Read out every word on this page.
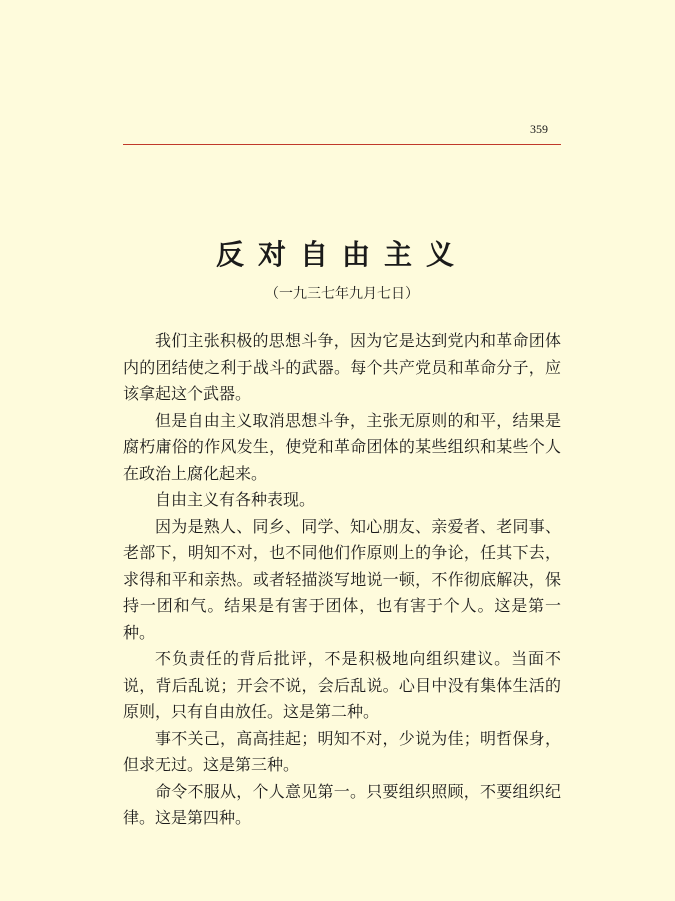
359
反对自由主义
（一九三七年九月七日）

我们主张积极的思想斗争，因为它是达到党内和革命团体内的团结使之利于战斗的武器。每个共产党员和革命分子，应该拿起这个武器。

但是自由主义取消思想斗争，主张无原则的和平，结果是腐朽庸俗的作风发生，使党和革命团体的某些组织和某些个人在政治上腐化起来。

自由主义有各种表现。

因为是熟人、同乡、同学、知心朋友、亲爱者、老同事、老部下，明知不对，也不同他们作原则上的争论，任其下去，求得和平和亲热。或者轻描淡写地说一顿，不作彻底解决，保持一团和气。结果是有害于团体，也有害于个人。这是第一种。

不负责任的背后批评，不是积极地向组织建议。当面不说，背后乱说；开会不说，会后乱说。心目中没有集体生活的原则，只有自由放任。这是第二种。

事不关己，高高挂起；明知不对，少说为佳；明哲保身，但求无过。这是第三种。

命令不服从，个人意见第一。只要组织照顾，不要组织纪律。这是第四种。
